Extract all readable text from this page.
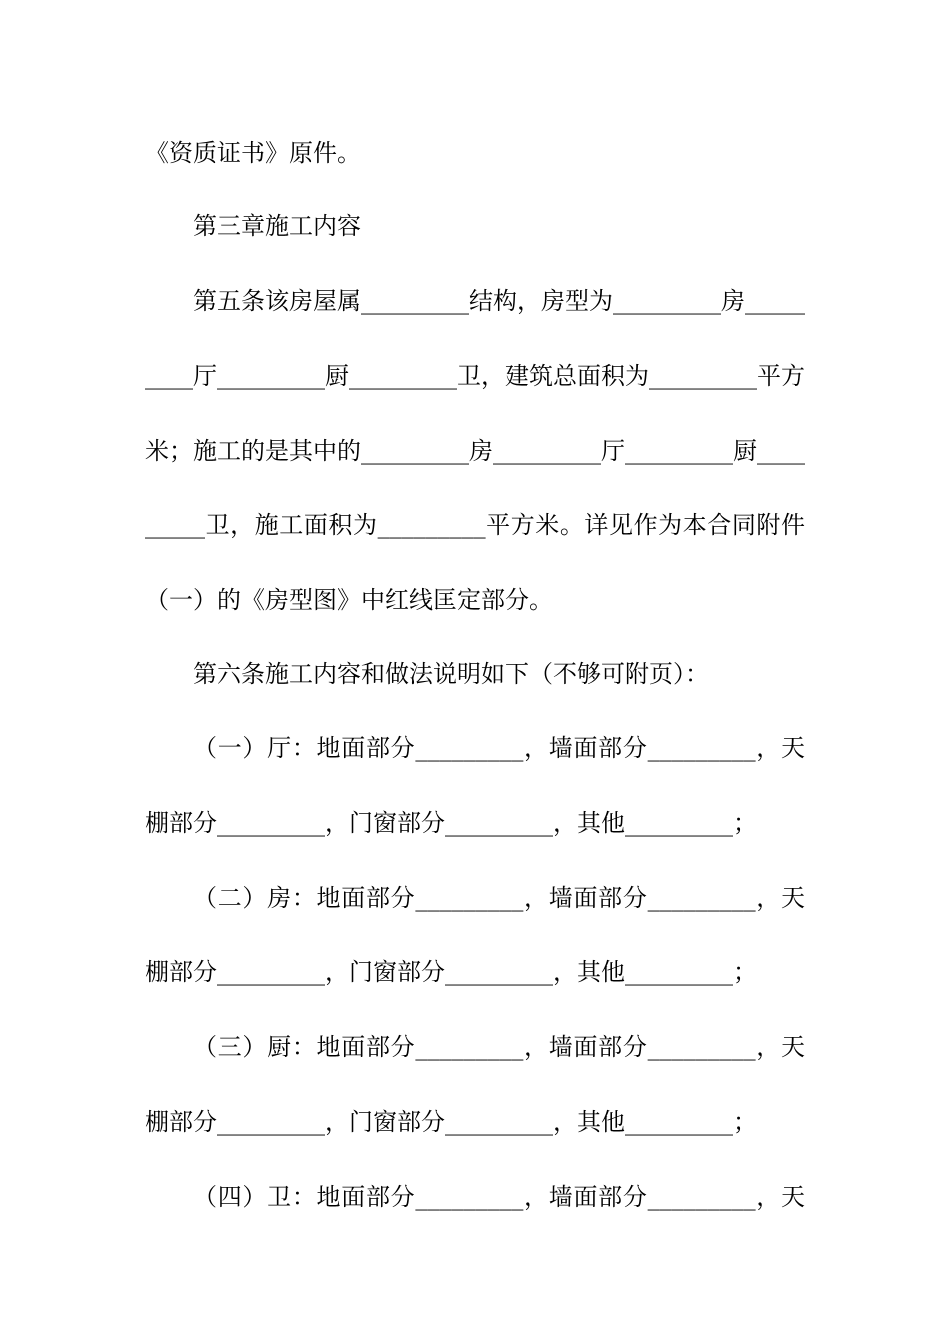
《资质证书》原件。
第三章施工内容
第五条该房屋属_________结构，房型为_________房_____
____厅_________厨_________卫，建筑总面积为_________平方
米；施工的是其中的_________房_________厅_________厨____
_____卫，施工面积为_________平方米。详见作为本合同附件
（一）的《房型图》中红线匡定部分。
第六条施工内容和做法说明如下（不够可附页）：
（一）厅：地面部分_________，墙面部分_________，天
棚部分_________，门窗部分_________，其他_________；
（二）房：地面部分_________，墙面部分_________，天
棚部分_________，门窗部分_________，其他_________；
（三）厨：地面部分_________，墙面部分_________，天
棚部分_________，门窗部分_________，其他_________；
（四）卫：地面部分_________，墙面部分_________，天
